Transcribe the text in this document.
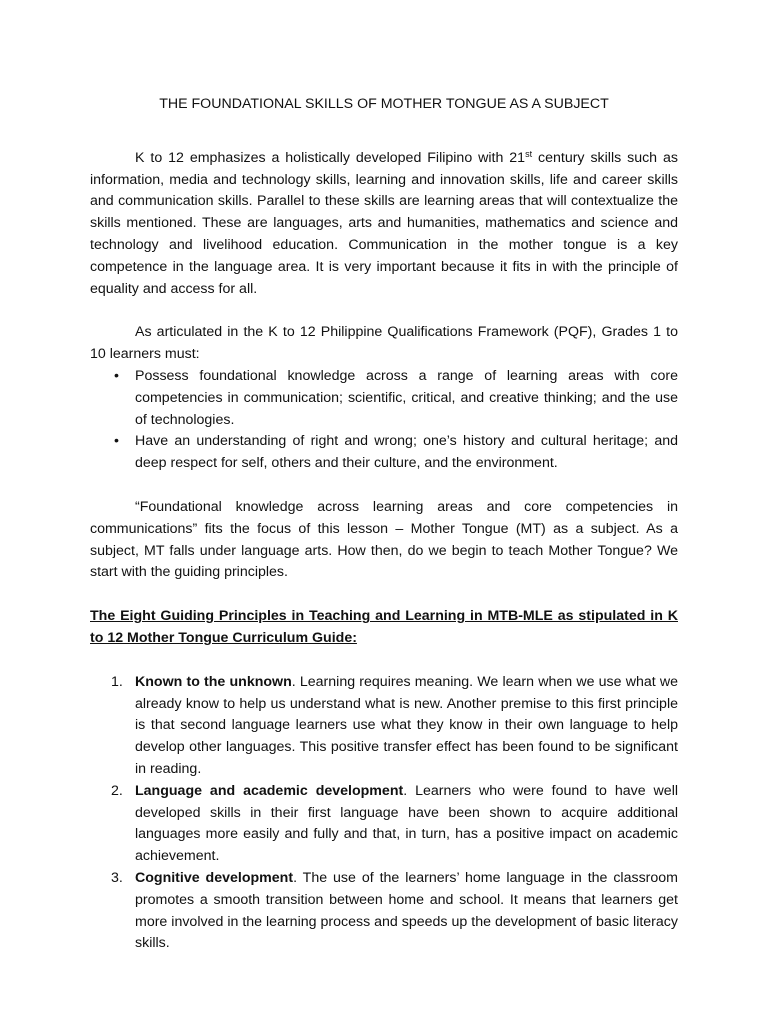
THE FOUNDATIONAL SKILLS OF MOTHER TONGUE AS A SUBJECT

K to 12 emphasizes a holistically developed Filipino with 21st century skills such as information, media and technology skills, learning and innovation skills, life and career skills and communication skills. Parallel to these skills are learning areas that will contextualize the skills mentioned. These are languages, arts and humanities, mathematics and science and technology and livelihood education. Communication in the mother tongue is a key competence in the language area. It is very important because it fits in with the principle of equality and access for all.

As articulated in the K to 12 Philippine Qualifications Framework (PQF), Grades 1 to 10 learners must:

• Possess foundational knowledge across a range of learning areas with core competencies in communication; scientific, critical, and creative thinking; and the use of technologies.
• Have an understanding of right and wrong; one’s history and cultural heritage; and deep respect for self, others and their culture, and the environment.

“Foundational knowledge across learning areas and core competencies in communications” fits the focus of this lesson – Mother Tongue (MT) as a subject. As a subject, MT falls under language arts. How then, do we begin to teach Mother Tongue? We start with the guiding principles.

The Eight Guiding Principles in Teaching and Learning in MTB-MLE as stipulated in K to 12 Mother Tongue Curriculum Guide:

1. Known to the unknown. Learning requires meaning. We learn when we use what we already know to help us understand what is new. Another premise to this first principle is that second language learners use what they know in their own language to help develop other languages. This positive transfer effect has been found to be significant in reading.
2. Language and academic development. Learners who were found to have well developed skills in their first language have been shown to acquire additional languages more easily and fully and that, in turn, has a positive impact on academic achievement.
3. Cognitive development. The use of the learners’ home language in the classroom promotes a smooth transition between home and school. It means that learners get more involved in the learning process and speeds up the development of basic literacy skills.
